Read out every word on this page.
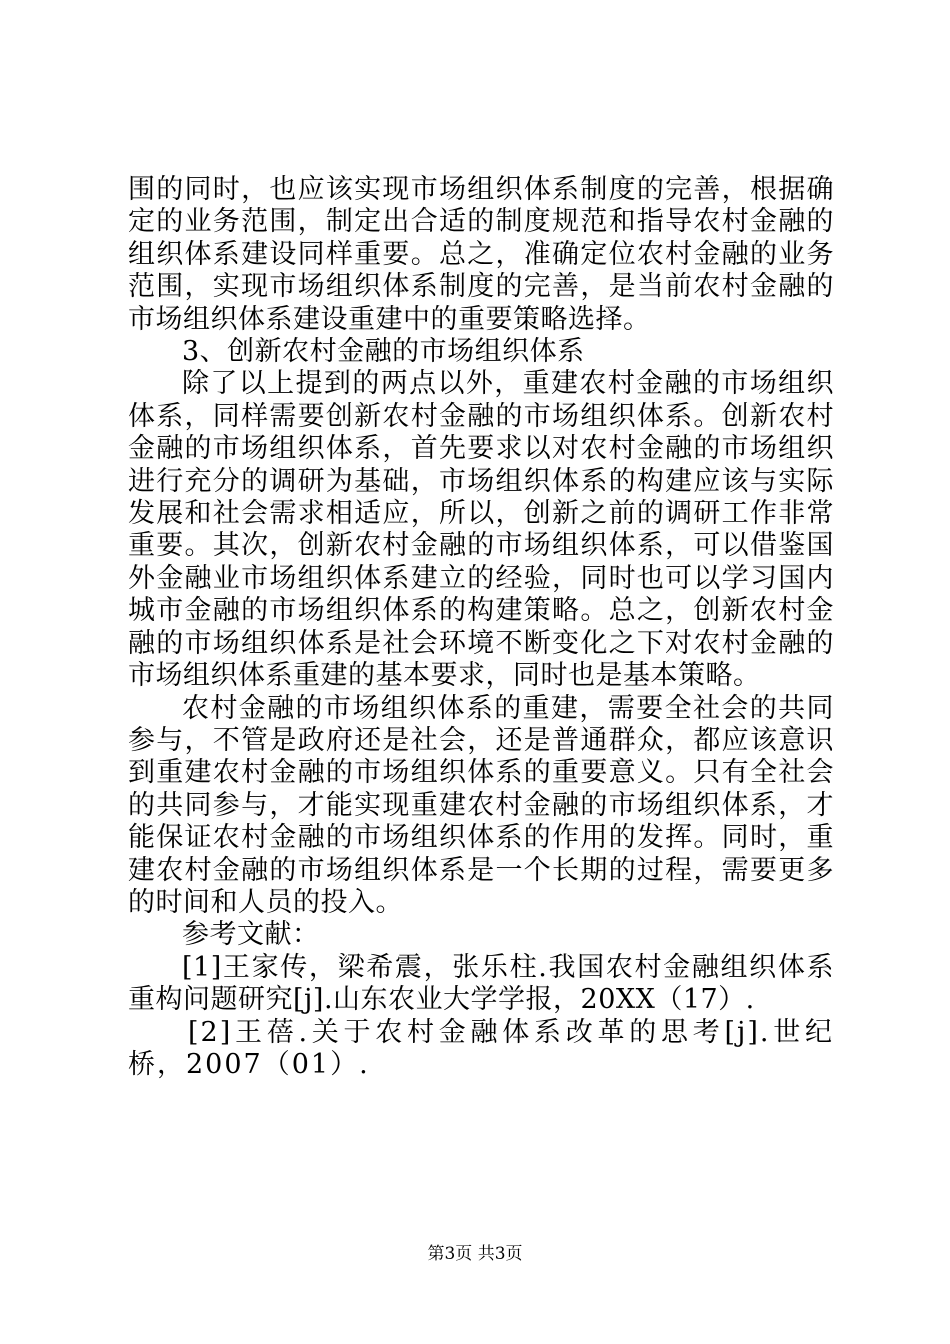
围的同时，也应该实现市场组织体系制度的完善，根据确定的业务范围，制定出合适的制度规范和指导农村金融的组织体系建设同样重要。总之，准确定位农村金融的业务范围，实现市场组织体系制度的完善，是当前农村金融的市场组织体系建设重建中的重要策略选择。

3、创新农村金融的市场组织体系

除了以上提到的两点以外，重建农村金融的市场组织体系，同样需要创新农村金融的市场组织体系。创新农村金融的市场组织体系，首先要求以对农村金融的市场组织进行充分的调研为基础，市场组织体系的构建应该与实际发展和社会需求相适应，所以，创新之前的调研工作非常重要。其次，创新农村金融的市场组织体系，可以借鉴国外金融业市场组织体系建立的经验，同时也可以学习国内城市金融的市场组织体系的构建策略。总之，创新农村金融的市场组织体系是社会环境不断变化之下对农村金融的市场组织体系重建的基本要求，同时也是基本策略。

农村金融的市场组织体系的重建，需要全社会的共同参与，不管是政府还是社会，还是普通群众，都应该意识到重建农村金融的市场组织体系的重要意义。只有全社会的共同参与，才能实现重建农村金融的市场组织体系，才能保证农村金融的市场组织体系的作用的发挥。同时，重建农村金融的市场组织体系是一个长期的过程，需要更多的时间和人员的投入。

参考文献：

[1]王家传，梁希震，张乐柱.我国农村金融组织体系重构问题研究[j].山东农业大学学报，20XX（17）.

[2]王蓓.关于农村金融体系改革的思考[j].世纪桥，2007（01）.

第3页 共3页
